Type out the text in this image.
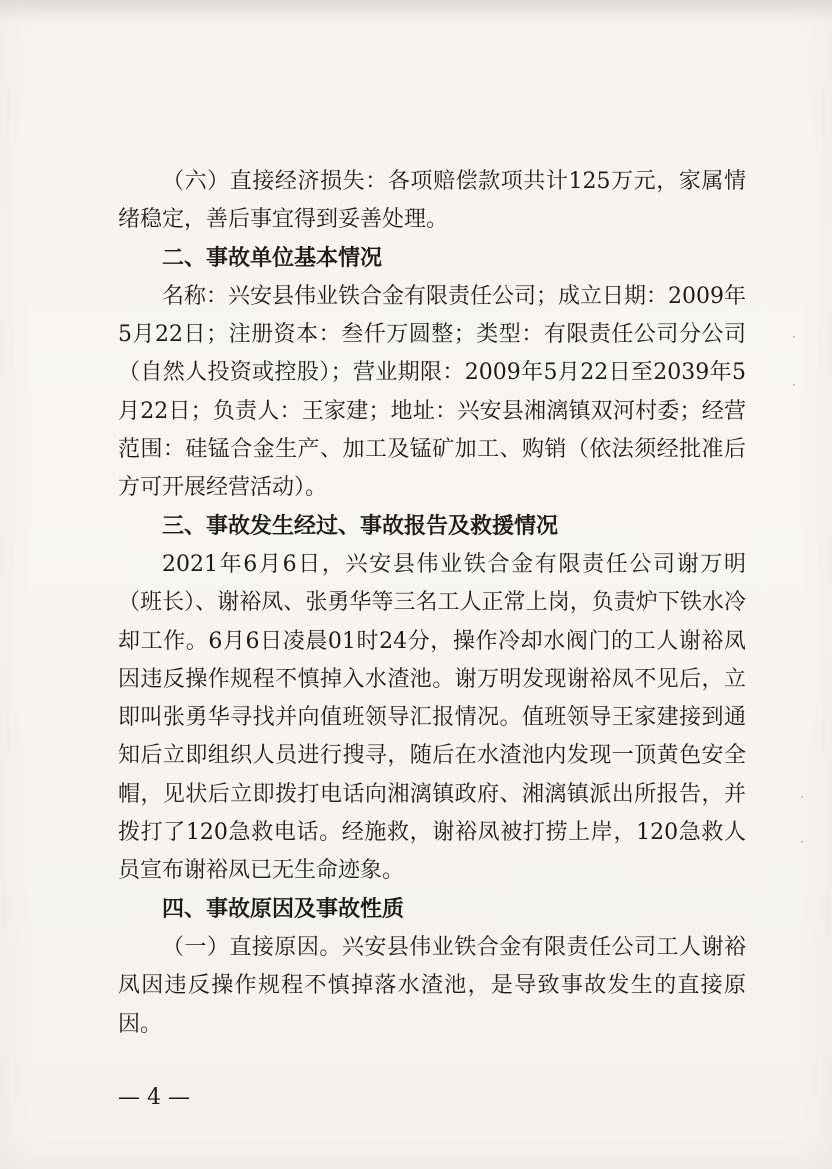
（六）直接经济损失：各项赔偿款项共计125万元，家属情绪稳定，善后事宜得到妥善处理。

二、事故单位基本情况

名称：兴安县伟业铁合金有限责任公司；成立日期：2009年5月22日；注册资本：叁仟万圆整；类型：有限责任公司分公司（自然人投资或控股）；营业期限：2009年5月22日至2039年5月22日；负责人：王家建；地址：兴安县湘漓镇双河村委；经营范围：硅锰合金生产、加工及锰矿加工、购销（依法须经批准后方可开展经营活动）。

三、事故发生经过、事故报告及救援情况

2021年6月6日，兴安县伟业铁合金有限责任公司谢万明（班长）、谢裕凤、张勇华等三名工人正常上岗，负责炉下铁水冷却工作。6月6日凌晨01时24分，操作冷却水阀门的工人谢裕凤因违反操作规程不慎掉入水渣池。谢万明发现谢裕凤不见后，立即叫张勇华寻找并向值班领导汇报情况。值班领导王家建接到通知后立即组织人员进行搜寻，随后在水渣池内发现一顶黄色安全帽，见状后立即拨打电话向湘漓镇政府、湘漓镇派出所报告，并拨打了120急救电话。经施救，谢裕凤被打捞上岸，120急救人员宣布谢裕凤已无生命迹象。

四、事故原因及事故性质

（一）直接原因。兴安县伟业铁合金有限责任公司工人谢裕凤因违反操作规程不慎掉落水渣池，是导致事故发生的直接原因。

— 4 —
·
·
·
·
